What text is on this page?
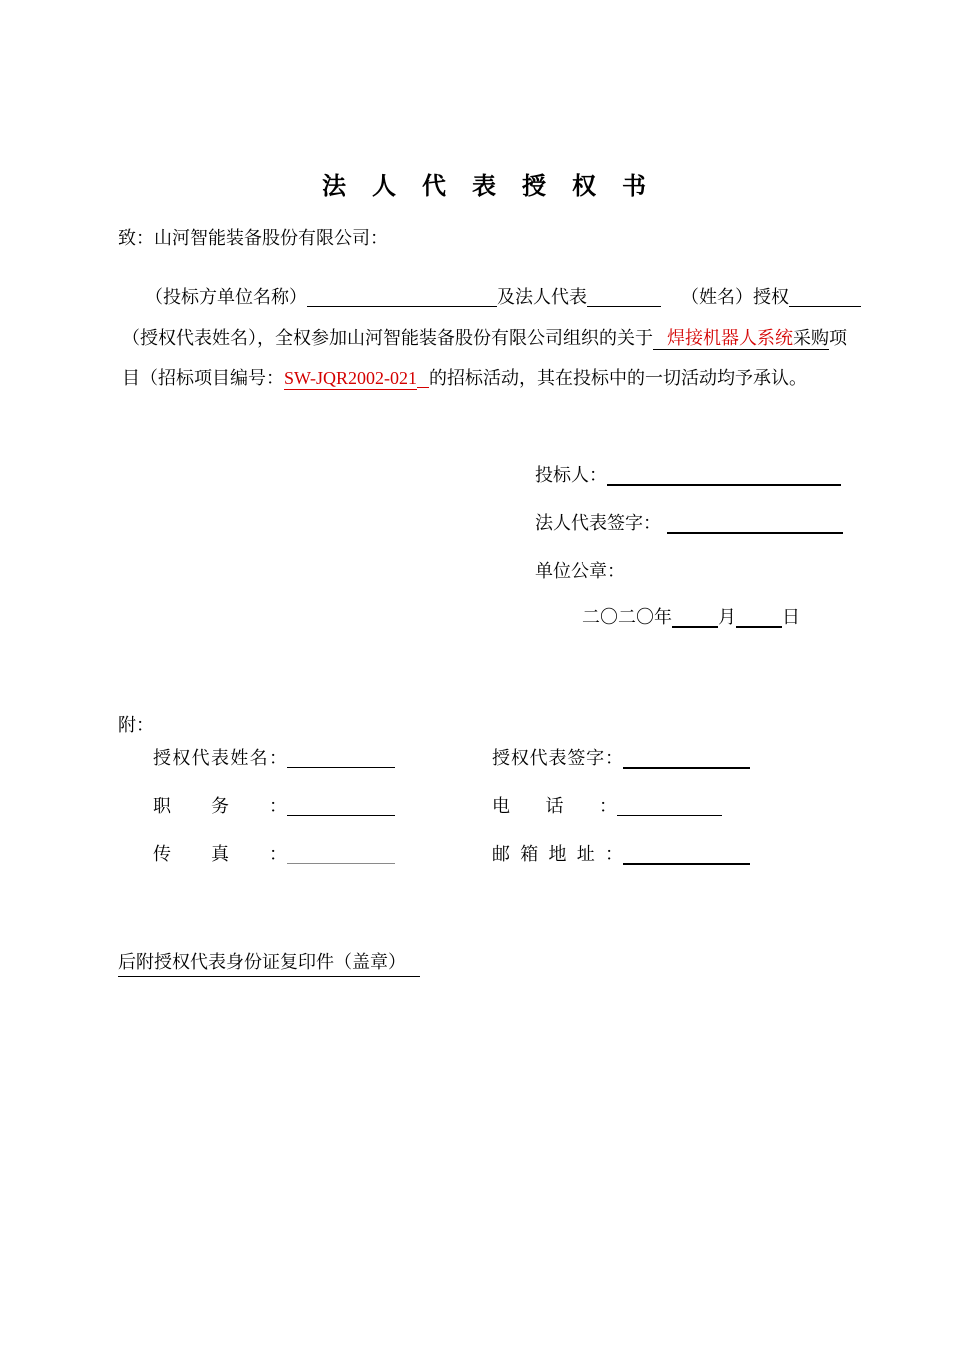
法人代表授权书
致：山河智能装备股份有限公司：
（投标方单位名称）	及法人代表	（姓名）授权
（授权代表姓名），全权参加山河智能装备股份有限公司组织的关于 焊接机器人系统采购项
目（招标项目编号：SW-JQR2002-021 的招标活动，其在投标中的一切活动均予承认。
投标人：
法人代表签字：
单位公章：
二〇二〇年	月	日
附：
授权代表姓名：	授权代表签字：
职务：	电话：
传真：	邮箱地址：
后附授权代表身份证复印件（盖章）
